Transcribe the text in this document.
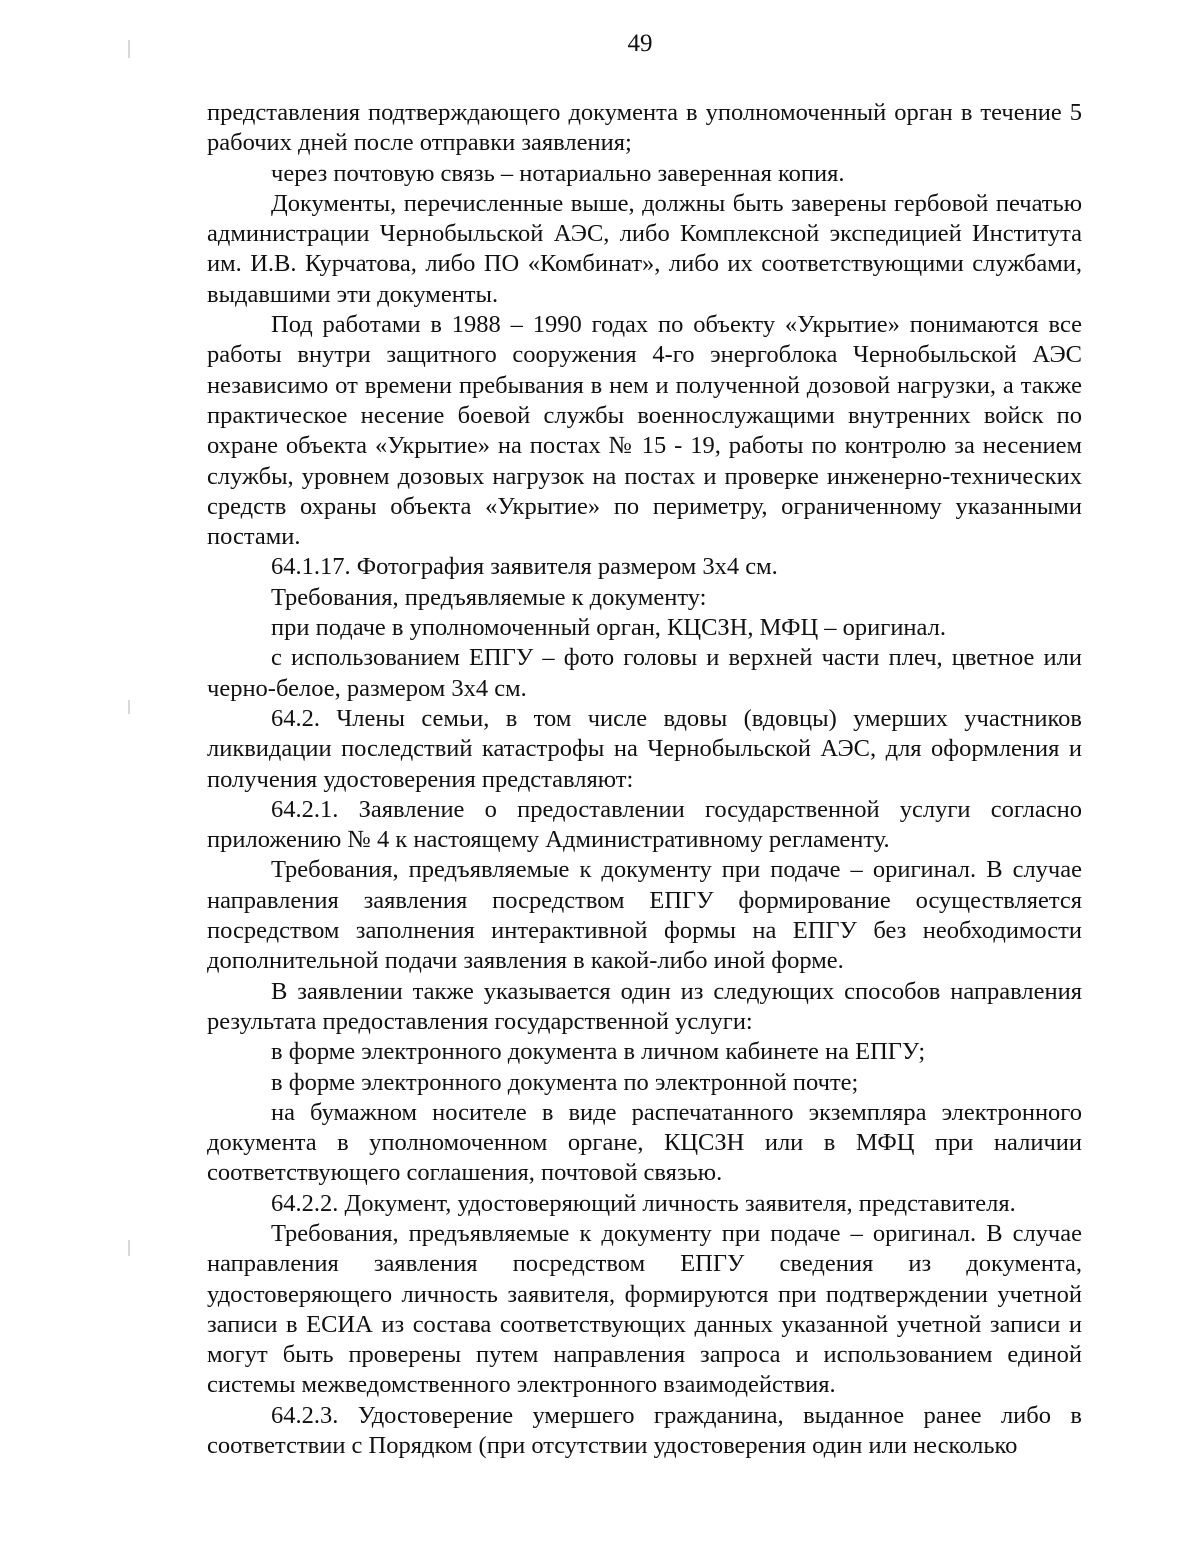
49

представления подтверждающего документа в уполномоченный орган в течение 5 рабочих дней после отправки заявления;

через почтовую связь – нотариально заверенная копия.

Документы, перечисленные выше, должны быть заверены гербовой печатью администрации Чернобыльской АЭС, либо Комплексной экспедицией Института им. И.В. Курчатова, либо ПО «Комбинат», либо их соответствующими службами, выдавшими эти документы.

Под работами в 1988 – 1990 годах по объекту «Укрытие» понимаются все работы внутри защитного сооружения 4-го энергоблока Чернобыльской АЭС независимо от времени пребывания в нем и полученной дозовой нагрузки, а также практическое несение боевой службы военнослужащими внутренних войск по охране объекта «Укрытие» на постах № 15 - 19, работы по контролю за несением службы, уровнем дозовых нагрузок на постах и проверке инженерно-технических средств охраны объекта «Укрытие» по периметру, ограниченному указанными постами.

64.1.17. Фотография заявителя размером 3х4 см.

Требования, предъявляемые к документу:

при подаче в уполномоченный орган, КЦСЗН, МФЦ – оригинал.

с использованием ЕПГУ – фото головы и верхней части плеч, цветное или черно-белое, размером 3х4 см.

64.2. Члены семьи, в том числе вдовы (вдовцы) умерших участников ликвидации последствий катастрофы на Чернобыльской АЭС, для оформления и получения удостоверения представляют:

64.2.1. Заявление о предоставлении государственной услуги согласно приложению № 4 к настоящему Административному регламенту.

Требования, предъявляемые к документу при подаче – оригинал. В случае направления заявления посредством ЕПГУ формирование осуществляется посредством заполнения интерактивной формы на ЕПГУ без необходимости дополнительной подачи заявления в какой-либо иной форме.

В заявлении также указывается один из следующих способов направления результата предоставления государственной услуги:

в форме электронного документа в личном кабинете на ЕПГУ;

в форме электронного документа по электронной почте;

на бумажном носителе в виде распечатанного экземпляра электронного документа в уполномоченном органе, КЦСЗН или в МФЦ при наличии соответствующего соглашения, почтовой связью.

64.2.2. Документ, удостоверяющий личность заявителя, представителя.

Требования, предъявляемые к документу при подаче – оригинал. В случае направления заявления посредством ЕПГУ сведения из документа, удостоверяющего личность заявителя, формируются при подтверждении учетной записи в ЕСИА из состава соответствующих данных указанной учетной записи и могут быть проверены путем направления запроса и использованием единой системы межведомственного электронного взаимодействия.

64.2.3. Удостоверение умершего гражданина, выданное ранее либо в соответствии с Порядком (при отсутствии удостоверения один или несколько
